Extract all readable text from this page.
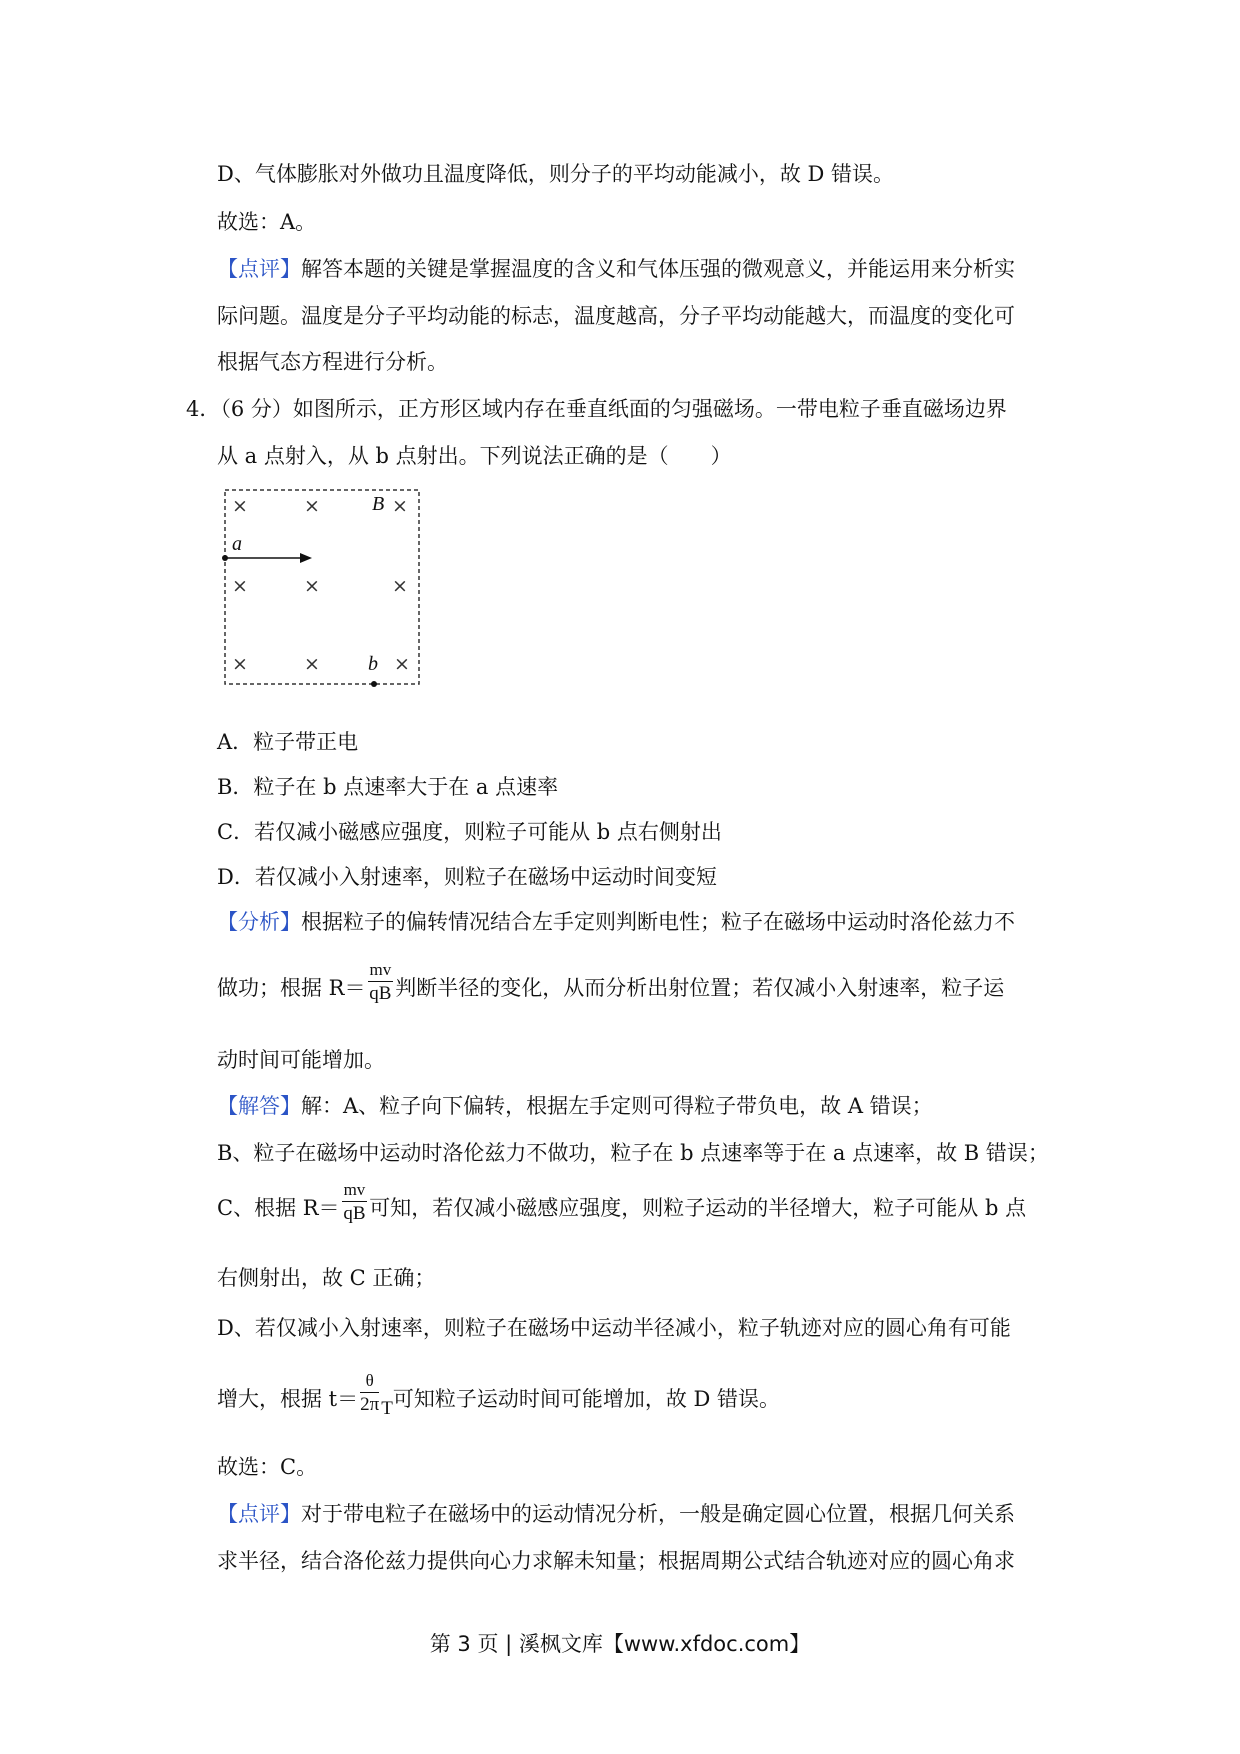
D、气体膨胀对外做功且温度降低，则分子的平均动能减小，故 D 错误。
故选：A。
【点评】解答本题的关键是掌握温度的含义和气体压强的微观意义，并能运用来分析实
际问题。温度是分子平均动能的标志，温度越高，分子平均动能越大，而温度的变化可
根据气态方程进行分析。
4．（6 分）如图所示，正方形区域内存在垂直纸面的匀强磁场。一带电粒子垂直磁场边界
从 a 点射入，从 b 点射出。下列说法正确的是（　　）
×	×	×
B
a
×	×	×
×	×	×
b
A．粒子带正电
B．粒子在 b 点速率大于在 a 点速率
C．若仅减小磁感应强度，则粒子可能从 b 点右侧射出
D．若仅减小入射速率，则粒子在磁场中运动时间变短
【分析】根据粒子的偏转情况结合左手定则判断电性；粒子在磁场中运动时洛伦兹力不
做功；根据 $R= \frac{mv}{qB}$ 判断半径的变化，从而分析出射位置；若仅减小入射速率，粒子运
动时间可能增加。
【解答】解：A、粒子向下偏转，根据左手定则可得粒子带负电，故 A 错误；
B、粒子在磁场中运动时洛伦兹力不做功，粒子在 b 点速率等于在 a 点速率，故 B 错误；
C、根据 $R= \frac{mv}{qB}$ 可知，若仅减小磁感应强度，则粒子运动的半径增大，粒子可能从 b 点
右侧射出，故 C 正确；
D、若仅减小入射速率，则粒子在磁场中运动半径减小，粒子轨迹对应的圆心角有可能
增大，根据 $t= \frac{\theta}{2\pi}$ T可知粒子运动时间可能增加，故 D 错误。
故选：C。
【点评】对于带电粒子在磁场中的运动情况分析，一般是确定圆心位置，根据几何关系
求半径，结合洛伦兹力提供向心力求解未知量；根据周期公式结合轨迹对应的圆心角求
第 3 页 | 溪枫文库【www.xfdoc.com】
